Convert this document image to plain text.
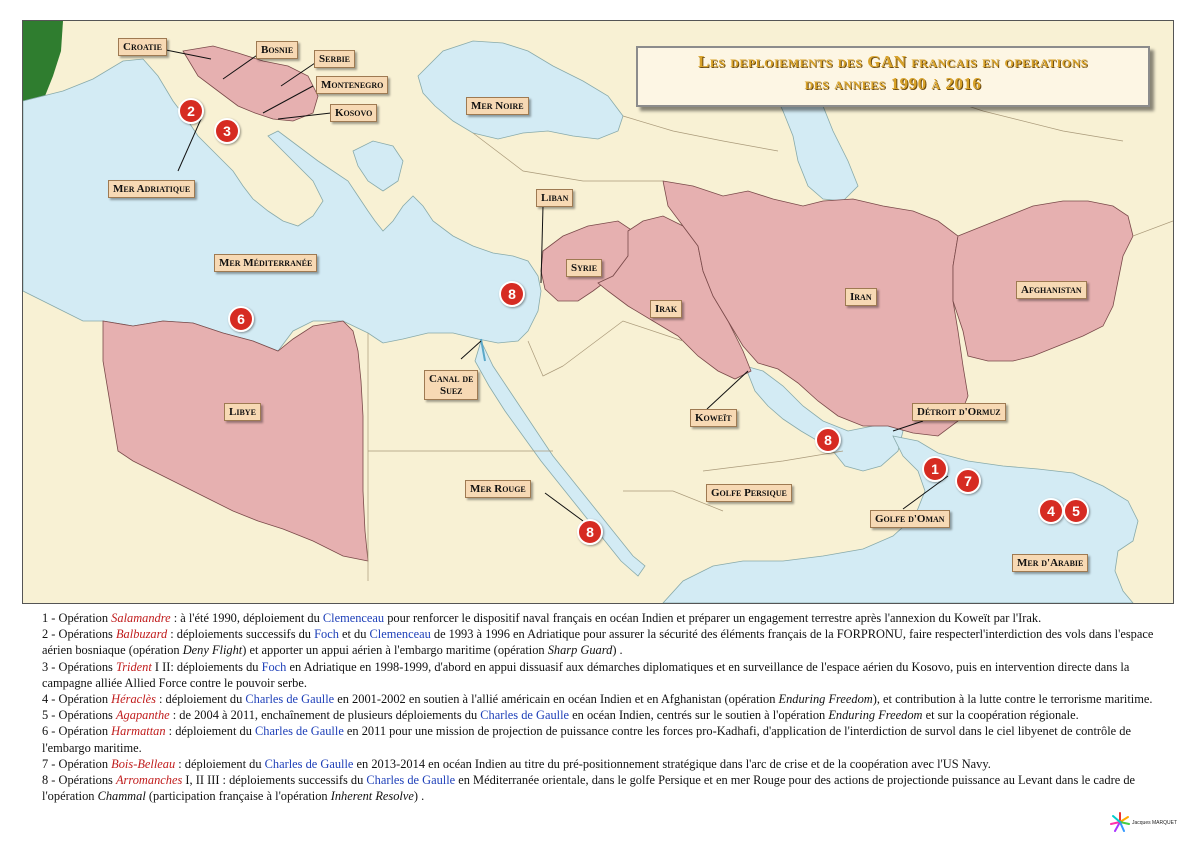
Croatie	Bosnie
Serbie
Montenegro
Kosovo
Mer Noire
Mer Adriatique
Mer Méditerranée
Liban
Syrie
Irak
Iran
Afghanistan
Libye
Canal de
Suez
Koweït	Détroit d'Ormuz
Mer Rouge	Golfe Persique
Golfe d'Oman
Mer d'Arabie
Les deploiements des GAN francais en operations
des annees 1990 à 2016
2
3
6
8
8
8
1
7
4	5

1 - Opération Salamandre : à l'été 1990, déploiement du Clemenceau pour renforcer le dispositif naval français en océan Indien et préparer un engagement terrestre après l'annexion du Koweït par l'Irak.

2 - Opérations Balbuzard : déploiements successifs du Foch et du Clemenceau de 1993 à 1996 en Adriatique pour assurer la sécurité des éléments français de la FORPRONU, faire respecterl'interdiction des vols dans l'espace aérien bosniaque (opération Deny Flight) et apporter un appui aérien à l'embargo maritime (opération Sharp Guard) .

3 - Opérations Trident I II: déploiements du Foch en Adriatique en 1998-1999, d'abord en appui dissuasif aux démarches diplomatiques et en surveillance de l'espace aérien du Kosovo, puis en intervention directe dans la campagne alliée Allied Force contre le pouvoir serbe.

4 - Opération Héraclès : déploiement du Charles de Gaulle en 2001-2002 en soutien à l'allié américain en océan Indien et en Afghanistan (opération Enduring Freedom), et contribution à la lutte contre le terrorisme maritime.

5 - Opérations Agapanthe : de 2004 à 2011, enchaînement de plusieurs déploiements du Charles de Gaulle en océan Indien, centrés sur le soutien à l'opération Enduring Freedom et sur la coopération régionale.

6 - Opération Harmattan : déploiement du Charles de Gaulle en 2011 pour une mission de projection de puissance contre les forces pro-Kadhafi, d'application de l'interdiction de survol dans le ciel libyenet de contrôle de l'embargo maritime.

7 - Opération Bois-Belleau : déploiement du Charles de Gaulle en 2013-2014 en océan Indien au titre du pré-positionnement stratégique dans l'arc de crise et de la coopération avec l'US Navy.

8 - Opérations Arromanches I, II III : déploiements successifs du Charles de Gaulle en Méditerranée orientale, dans le golfe Persique et en mer Rouge pour des actions de projectionde puissance au Levant dans le cadre de l'opération Chammal (participation française à l'opération Inherent Resolve) .

Jacques MARQUET
